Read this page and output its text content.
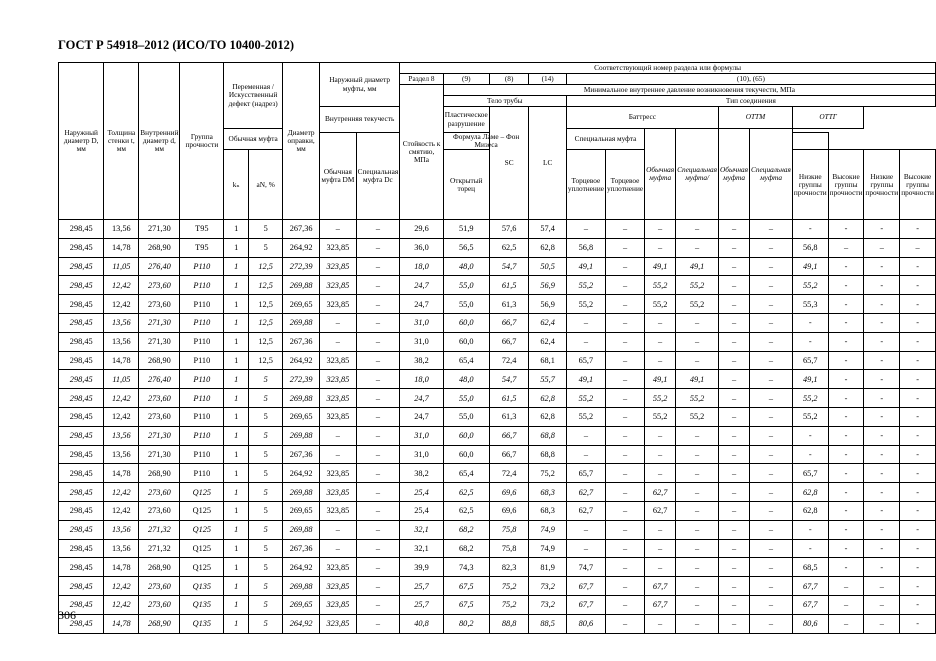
ГОСТ Р 54918–2012 (ИСО/ТО 10400-2012)
Наружный диаметр D, мм	Толщина стенки t, мм	Внутренний диаметр d, мм	Группа прочности	Переменная /Искусственный дефект (надрез)		Диаметр оправки, мм	Наружный диаметр муфты, мм		Соответствующий номер раздела или формулы													
									Раздел 8	(9)	(8)	(14)	(10), (65)									
									Стойкость к смятию, МПа	Минимальное внутреннее давление возникновения текучести, МПа												
										Тело трубы			Тип соединения									
							Внутренняя текучесть			Пластическое разрушение	SC	LC	Баттресс				ОТТМ		ОТТГ			
				Обычная муфта									Специальная муфта		Обычная муфта	Специальная муфта/	Обычная муфта	Специальная муфта				
							Обычная муфта DM	Специальная муфта Dc		Формула Ламе – Фон Мизеса												
				kₙ	aN, %					Открытый торец			Торцевое уплотнение	Торцевое уплотнение					Низкие группы прочности	Высокие группы прочности	Низкие группы прочности	Высокие группы прочности
298,45	13,56	271,30	T95	1	5	267,36	–	–	29,6	51,9	57,6	57,4	–	–	–	–	–	–	-	-	-	-
298,45	14,78	268,90	T95	1	5	264,92	323,85	–	36,0	56,5	62,5	62,8	56,8	–	–	–	–	–	56,8	–	–	–
298,45	11,05	276,40	P110	1	12,5	272,39	323,85	–	18,0	48,0	54,7	50,5	49,1	–	49,1	49,1	–	–	49,1	-	-	-
298,45	12,42	273,60	P110	1	12,5	269,88	323,85	–	24,7	55,0	61,5	56,9	55,2	–	55,2	55,2	–	–	55,2	-	-	-
298,45	12,42	273,60	P110	1	12,5	269,65	323,85	–	24,7	55,0	61,3	56,9	55,2	–	55,2	55,2	–	–	55,3	-	-	-
298,45	13,56	271,30	P110	1	12,5	269,88	–	–	31,0	60,0	66,7	62,4	–	–	–	–	–	–	-	-	-	-
298,45	13,56	271,30	P110	1	12,5	267,36	–	–	31,0	60,0	66,7	62,4	–	–	–	–	–	–	-	-	-	-
298,45	14,78	268,90	P110	1	12,5	264,92	323,85	–	38,2	65,4	72,4	68,1	65,7	–	–	–	–	–	65,7	-	-	-
298,45	11,05	276,40	P110	1	5	272,39	323,85	–	18,0	48,0	54,7	55,7	49,1	–	49,1	49,1	–	–	49,1	-	-	-
298,45	12,42	273,60	P110	1	5	269,88	323,85	–	24,7	55,0	61,5	62,8	55,2	–	55,2	55,2	–	–	55,2	-	-	-
298,45	12,42	273,60	P110	1	5	269,65	323,85	–	24,7	55,0	61,3	62,8	55,2	–	55,2	55,2	–	–	55,2	-	-	-
298,45	13,56	271,30	P110	1	5	269,88	–	–	31,0	60,0	66,7	68,8	–	–	–	–	–	–	-	-	-	-
298,45	13,56	271,30	P110	1	5	267,36	–	–	31,0	60,0	66,7	68,8	–	–	–	–	–	–	-	-	-	-
298,45	14,78	268,90	P110	1	5	264,92	323,85	–	38,2	65,4	72,4	75,2	65,7	–	–	–	–	–	65,7	-	-	-
298,45	12,42	273,60	Q125	1	5	269,88	323,85	–	25,4	62,5	69,6	68,3	62,7	–	62,7	–	–	–	62,8	-	-	-
298,45	12,42	273,60	Q125	1	5	269,65	323,85	–	25,4	62,5	69,6	68,3	62,7	–	62,7	–	–	–	62,8	-	-	-
298,45	13,56	271,32	Q125	1	5	269,88	–	–	32,1	68,2	75,8	74,9	–	–	–	–	–	–	-	-	-	-
298,45	13,56	271,32	Q125	1	5	267,36	–	–	32,1	68,2	75,8	74,9	–	–	–	–	–	–	-	-	-	-
298,45	14,78	268,90	Q125	1	5	264,92	323,85	–	39,9	74,3	82,3	81,9	74,7	–	–	–	–	–	68,5	-	-	-
298,45	12,42	273,60	Q135	1	5	269,88	323,85	–	25,7	67,5	75,2	73,2	67,7	–	67,7	–	–	–	67,7	–	–	-
298,45	12,42	273,60	Q135	1	5	269,65	323,85	–	25,7	67,5	75,2	73,2	67,7	–	67,7	–	–	–	67,7	–	–	-
298,45	14,78	268,90	Q135	1	5	264,92	323,85	–	40,8	80,2	88,8	88,5	80,6	–	–	–	–	–	80,6	–	–	-
306
